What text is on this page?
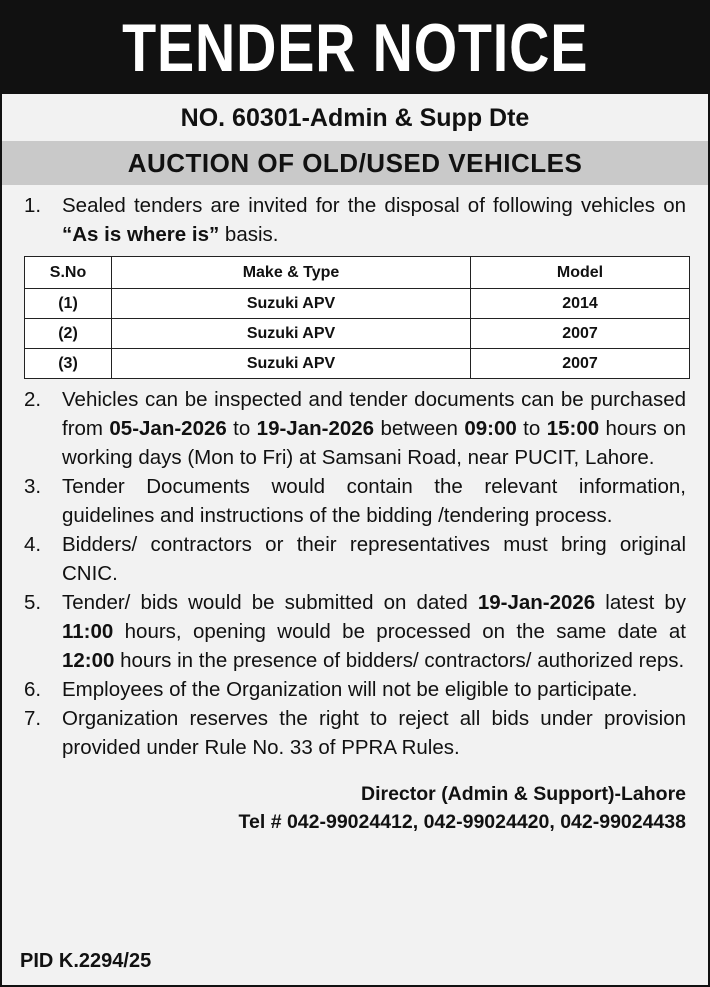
TENDER NOTICE
NO. 60301-Admin & Supp Dte
AUCTION OF OLD/USED VEHICLES
1. Sealed tenders are invited for the disposal of following vehicles on “As is where is” basis.
S.No	Make & Type	Model
(1)	Suzuki APV	2014
(2)	Suzuki APV	2007
(3)	Suzuki APV	2007
2. Vehicles can be inspected and tender documents can be purchased from 05-Jan-2026 to 19-Jan-2026 between 09:00 to 15:00 hours on working days (Mon to Fri) at Samsani Road, near PUCIT, Lahore.
3. Tender Documents would contain the relevant information, guidelines and instructions of the bidding /tendering process.
4. Bidders/ contractors or their representatives must bring original CNIC.
5. Tender/ bids would be submitted on dated 19-Jan-2026 latest by 11:00 hours, opening would be processed on the same date at 12:00 hours in the presence of bidders/ contractors/ authorized reps.
6. Employees of the Organization will not be eligible to participate.
7. Organization reserves the right to reject all bids under provision provided under Rule No. 33 of PPRA Rules.
Director (Admin & Support)-Lahore
Tel # 042-99024412, 042-99024420, 042-99024438
PID K.2294/25
